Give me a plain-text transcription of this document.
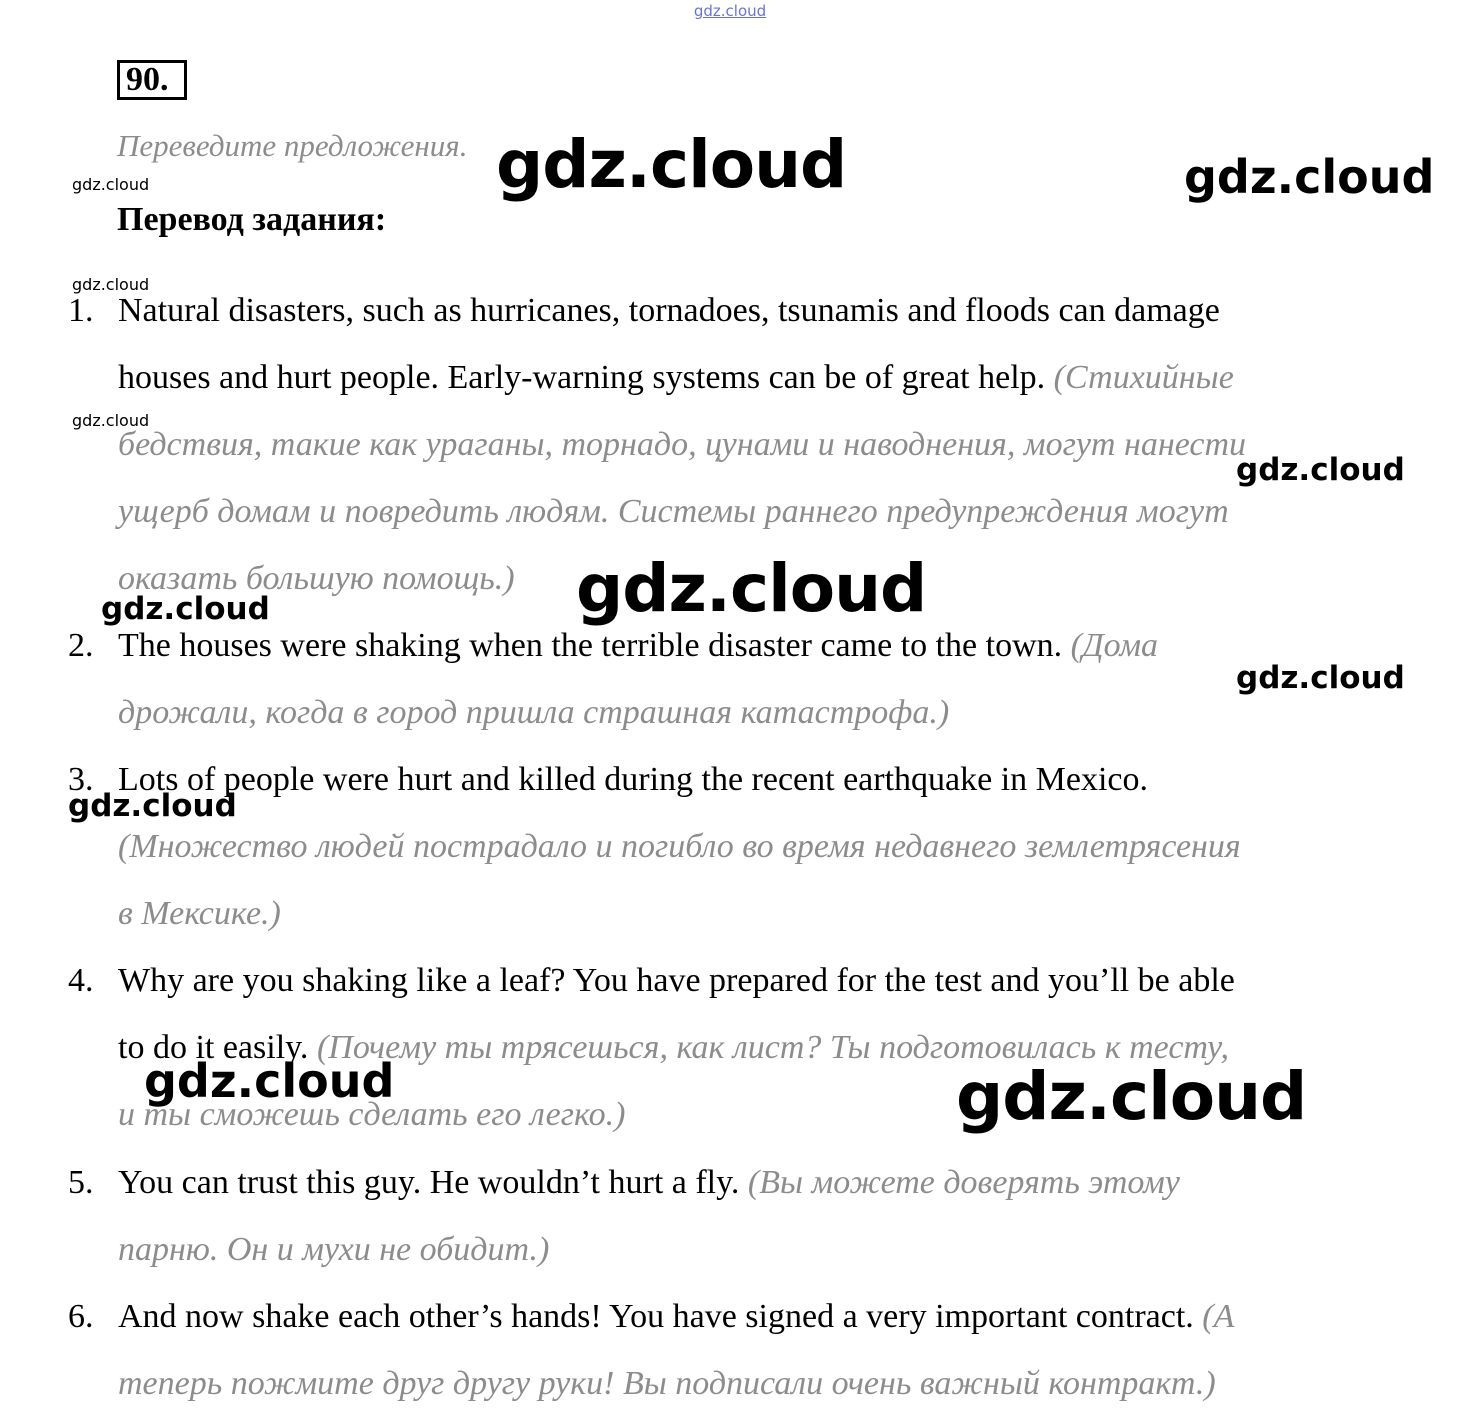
gdz.cloud
90.
Переведите предложения.
Перевод задания:
1. Natural disasters, such as hurricanes, tornadoes, tsunamis and floods can damage
houses and hurt people. Early-warning systems can be of great help. (Стихийные
бедствия, такие как ураганы, торнадо, цунами и наводнения, могут нанести
ущерб домам и повредить людям. Системы раннего предупреждения могут
оказать большую помощь.)
2. The houses were shaking when the terrible disaster came to the town. (Дома
дрожали, когда в город пришла страшная катастрофа.)
3. Lots of people were hurt and killed during the recent earthquake in Mexico.
(Множество людей пострадало и погибло во время недавнего землетрясения
в Мексике.)
4. Why are you shaking like a leaf? You have prepared for the test and you’ll be able
to do it easily. (Почему ты трясешься, как лист? Ты подготовилась к тесту,
и ты сможешь сделать его легко.)
5. You can trust this guy. He wouldn’t hurt a fly. (Вы можете доверять этому
парню. Он и мухи не обидит.)
6. And now shake each other’s hands! You have signed a very important contract. (А
теперь пожмите друг другу руки! Вы подписали очень важный контракт.)
gdz.cloud	gdz.cloud
gdz.cloud
gdz.cloud
gdz.cloud
gdz.cloud
gdz.cloud
gdz.cloud
gdz.cloud
gdz.cloud
gdz.cloud	gdz.cloud
